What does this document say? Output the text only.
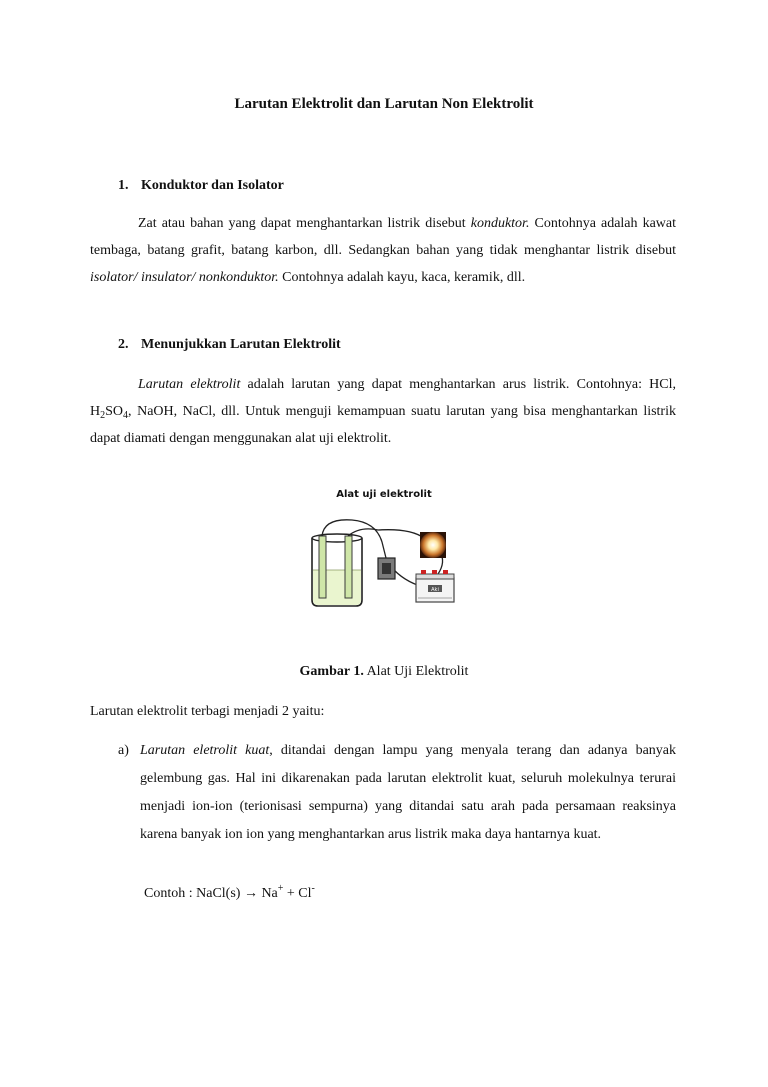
Larutan Elektrolit dan Larutan Non Elektrolit
1. Konduktor dan Isolator

Zat atau bahan yang dapat menghantarkan listrik disebut konduktor. Contohnya adalah kawat tembaga, batang grafit, batang karbon, dll. Sedangkan bahan yang tidak menghantar listrik disebut isolator/ insulator/ nonkonduktor. Contohnya adalah kayu, kaca, keramik, dll.

2. Menunjukkan Larutan Elektrolit

Larutan elektrolit adalah larutan yang dapat menghantarkan arus listrik. Contohnya: HCl, $H_2SO_4$, NaOH, NaCl, dll. Untuk menguji kemampuan suatu larutan yang bisa menghantarkan listrik dapat diamati dengan menggunakan alat uji elektrolit.

Alat uji elektrolit
Aki
Gambar 1. Alat Uji Elektrolit
Larutan elektrolit terbagi menjadi 2 yaitu:
a) Larutan eletrolit kuat, ditandai dengan lampu yang menyala terang dan adanya banyak gelembung gas. Hal ini dikarenakan pada larutan elektrolit kuat, seluruh molekulnya terurai menjadi ion-ion (terionisasi sempurna) yang ditandai satu arah pada persamaan reaksinya karena banyak ion ion yang menghantarkan arus listrik maka daya hantarnya kuat.
Contoh : NaCl(s) → Na+ + Cl-
